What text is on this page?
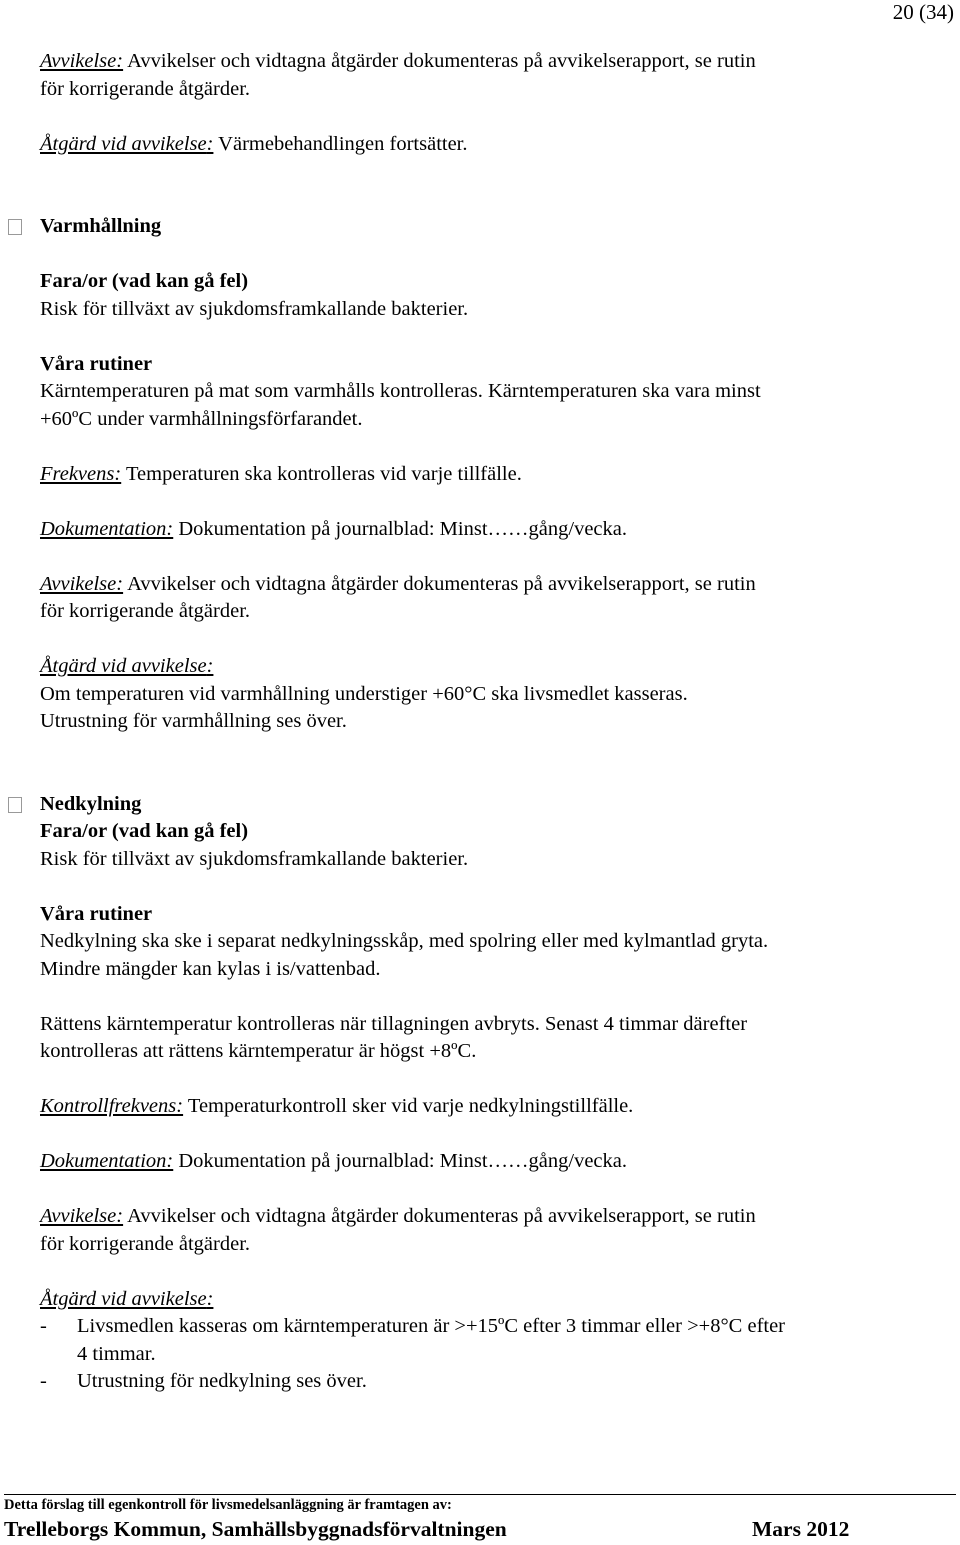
20 (34)

Avvikelse: Avvikelser och vidtagna åtgärder dokumenteras på avvikelserapport, se rutin

för korrigerande åtgärder.

Åtgärd vid avvikelse: Värmebehandlingen fortsätter.

Varmhållning

Fara/or (vad kan gå fel)

Risk för tillväxt av sjukdomsframkallande bakterier.

Våra rutiner

Kärntemperaturen på mat som varmhålls kontrolleras. Kärntemperaturen ska vara minst

+60ºC under varmhållningsförfarandet.

Frekvens: Temperaturen ska kontrolleras vid varje tillfälle.

Dokumentation: Dokumentation på journalblad: Minst……gång/vecka.

Avvikelse: Avvikelser och vidtagna åtgärder dokumenteras på avvikelserapport, se rutin

för korrigerande åtgärder.

Åtgärd vid avvikelse:

Om temperaturen vid varmhållning understiger +60°C ska livsmedlet kasseras.

Utrustning för varmhållning ses över.

Nedkylning

Fara/or (vad kan gå fel)

Risk för tillväxt av sjukdomsframkallande bakterier.

Våra rutiner

Nedkylning ska ske i separat nedkylningsskåp, med spolring eller med kylmantlad gryta.

Mindre mängder kan kylas i is/vattenbad.

Rättens kärntemperatur kontrolleras när tillagningen avbryts. Senast 4 timmar därefter

kontrolleras att rättens kärntemperatur är högst +8ºC.

Kontrollfrekvens: Temperaturkontroll sker vid varje nedkylningstillfälle.

Dokumentation: Dokumentation på journalblad: Minst……gång/vecka.

Avvikelse: Avvikelser och vidtagna åtgärder dokumenteras på avvikelserapport, se rutin

för korrigerande åtgärder.

Åtgärd vid avvikelse:

-	Livsmedlen kasseras om kärntemperaturen är >+15ºC efter 3 timmar eller >+8°C efter

4 timmar.

-	Utrustning för nedkylning ses över.

Detta förslag till egenkontroll för livsmedelsanläggning är framtagen av:
Trelleborgs Kommun, Samhällsbyggnadsförvaltningen	Mars 2012
